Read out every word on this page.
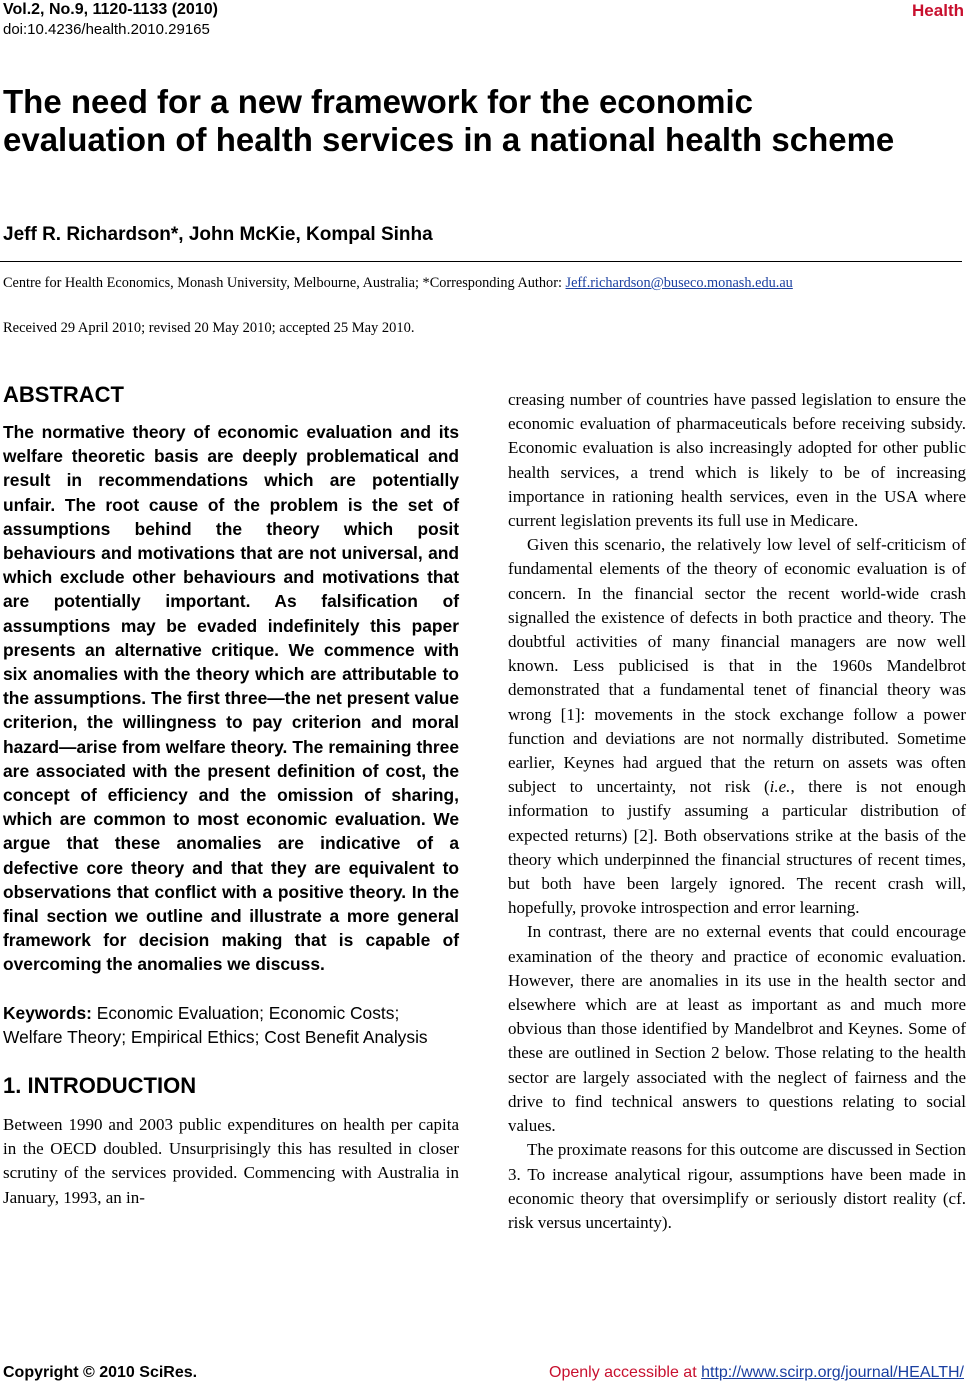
Vol.2, No.9, 1120-1133 (2010)
doi:10.4236/health.2010.29165
Health
The need for a new framework for the economic evaluation of health services in a national health scheme
Jeff R. Richardson*, John McKie, Kompal Sinha
Centre for Health Economics, Monash University, Melbourne, Australia; *Corresponding Author: Jeff.richardson@buseco.monash.edu.au
Received 29 April 2010; revised 20 May 2010; accepted 25 May 2010.
ABSTRACT

The normative theory of economic evaluation and its welfare theoretic basis are deeply problematical and result in recommendations which are potentially unfair. The root cause of the problem is the set of assumptions behind the theory which posit behaviours and motivations that are not universal, and which exclude other behaviours and motivations that are potentially important. As falsification of assumptions may be evaded indefinitely this paper presents an alternative critique. We commence with six anomalies with the theory which are attributable to the assumptions. The first three—the net present value criterion, the willingness to pay criterion and moral hazard—arise from welfare theory. The remaining three are associated with the present definition of cost, the concept of efficiency and the omission of sharing, which are common to most economic evaluation. We argue that these anomalies are indicative of a defective core theory and that they are equivalent to observations that conflict with a positive theory. In the final section we outline and illustrate a more general framework for decision making that is capable of overcoming the anomalies we discuss.

Keywords: Economic Evaluation; Economic Costs; Welfare Theory; Empirical Ethics; Cost Benefit Analysis

1. INTRODUCTION

Between 1990 and 2003 public expenditures on health per capita in the OECD doubled. Unsurprisingly this has resulted in closer scrutiny of the services provided. Commencing with Australia in January, 1993, an in-

creasing number of countries have passed legislation to ensure the economic evaluation of pharmaceuticals before receiving subsidy. Economic evaluation is also increasingly adopted for other public health services, a trend which is likely to be of increasing importance in rationing health services, even in the USA where current legislation prevents its full use in Medicare.

Given this scenario, the relatively low level of self-criticism of fundamental elements of the theory of economic evaluation is of concern. In the financial sector the recent world-wide crash signalled the existence of defects in both practice and theory. The doubtful activities of many financial managers are now well known. Less publicised is that in the 1960s Mandelbrot demonstrated that a fundamental tenet of financial theory was wrong [1]: movements in the stock exchange follow a power function and deviations are not normally distributed. Sometime earlier, Keynes had argued that the return on assets was often subject to uncertainty, not risk (i.e., there is not enough information to justify assuming a particular distribution of expected returns) [2]. Both observations strike at the basis of the theory which underpinned the financial structures of recent times, but both have been largely ignored. The recent crash will, hopefully, provoke introspection and error learning.

In contrast, there are no external events that could encourage examination of the theory and practice of economic evaluation. However, there are anomalies in its use in the health sector and elsewhere which are at least as important as and much more obvious than those identified by Mandelbrot and Keynes. Some of these are outlined in Section 2 below. Those relating to the health sector are largely associated with the neglect of fairness and the drive to find technical answers to questions relating to social values.

The proximate reasons for this outcome are discussed in Section 3. To increase analytical rigour, assumptions have been made in economic theory that oversimplify or seriously distort reality (cf. risk versus uncertainty).

Copyright © 2010 SciRes.	Openly accessible at http://www.scirp.org/journal/HEALTH/
